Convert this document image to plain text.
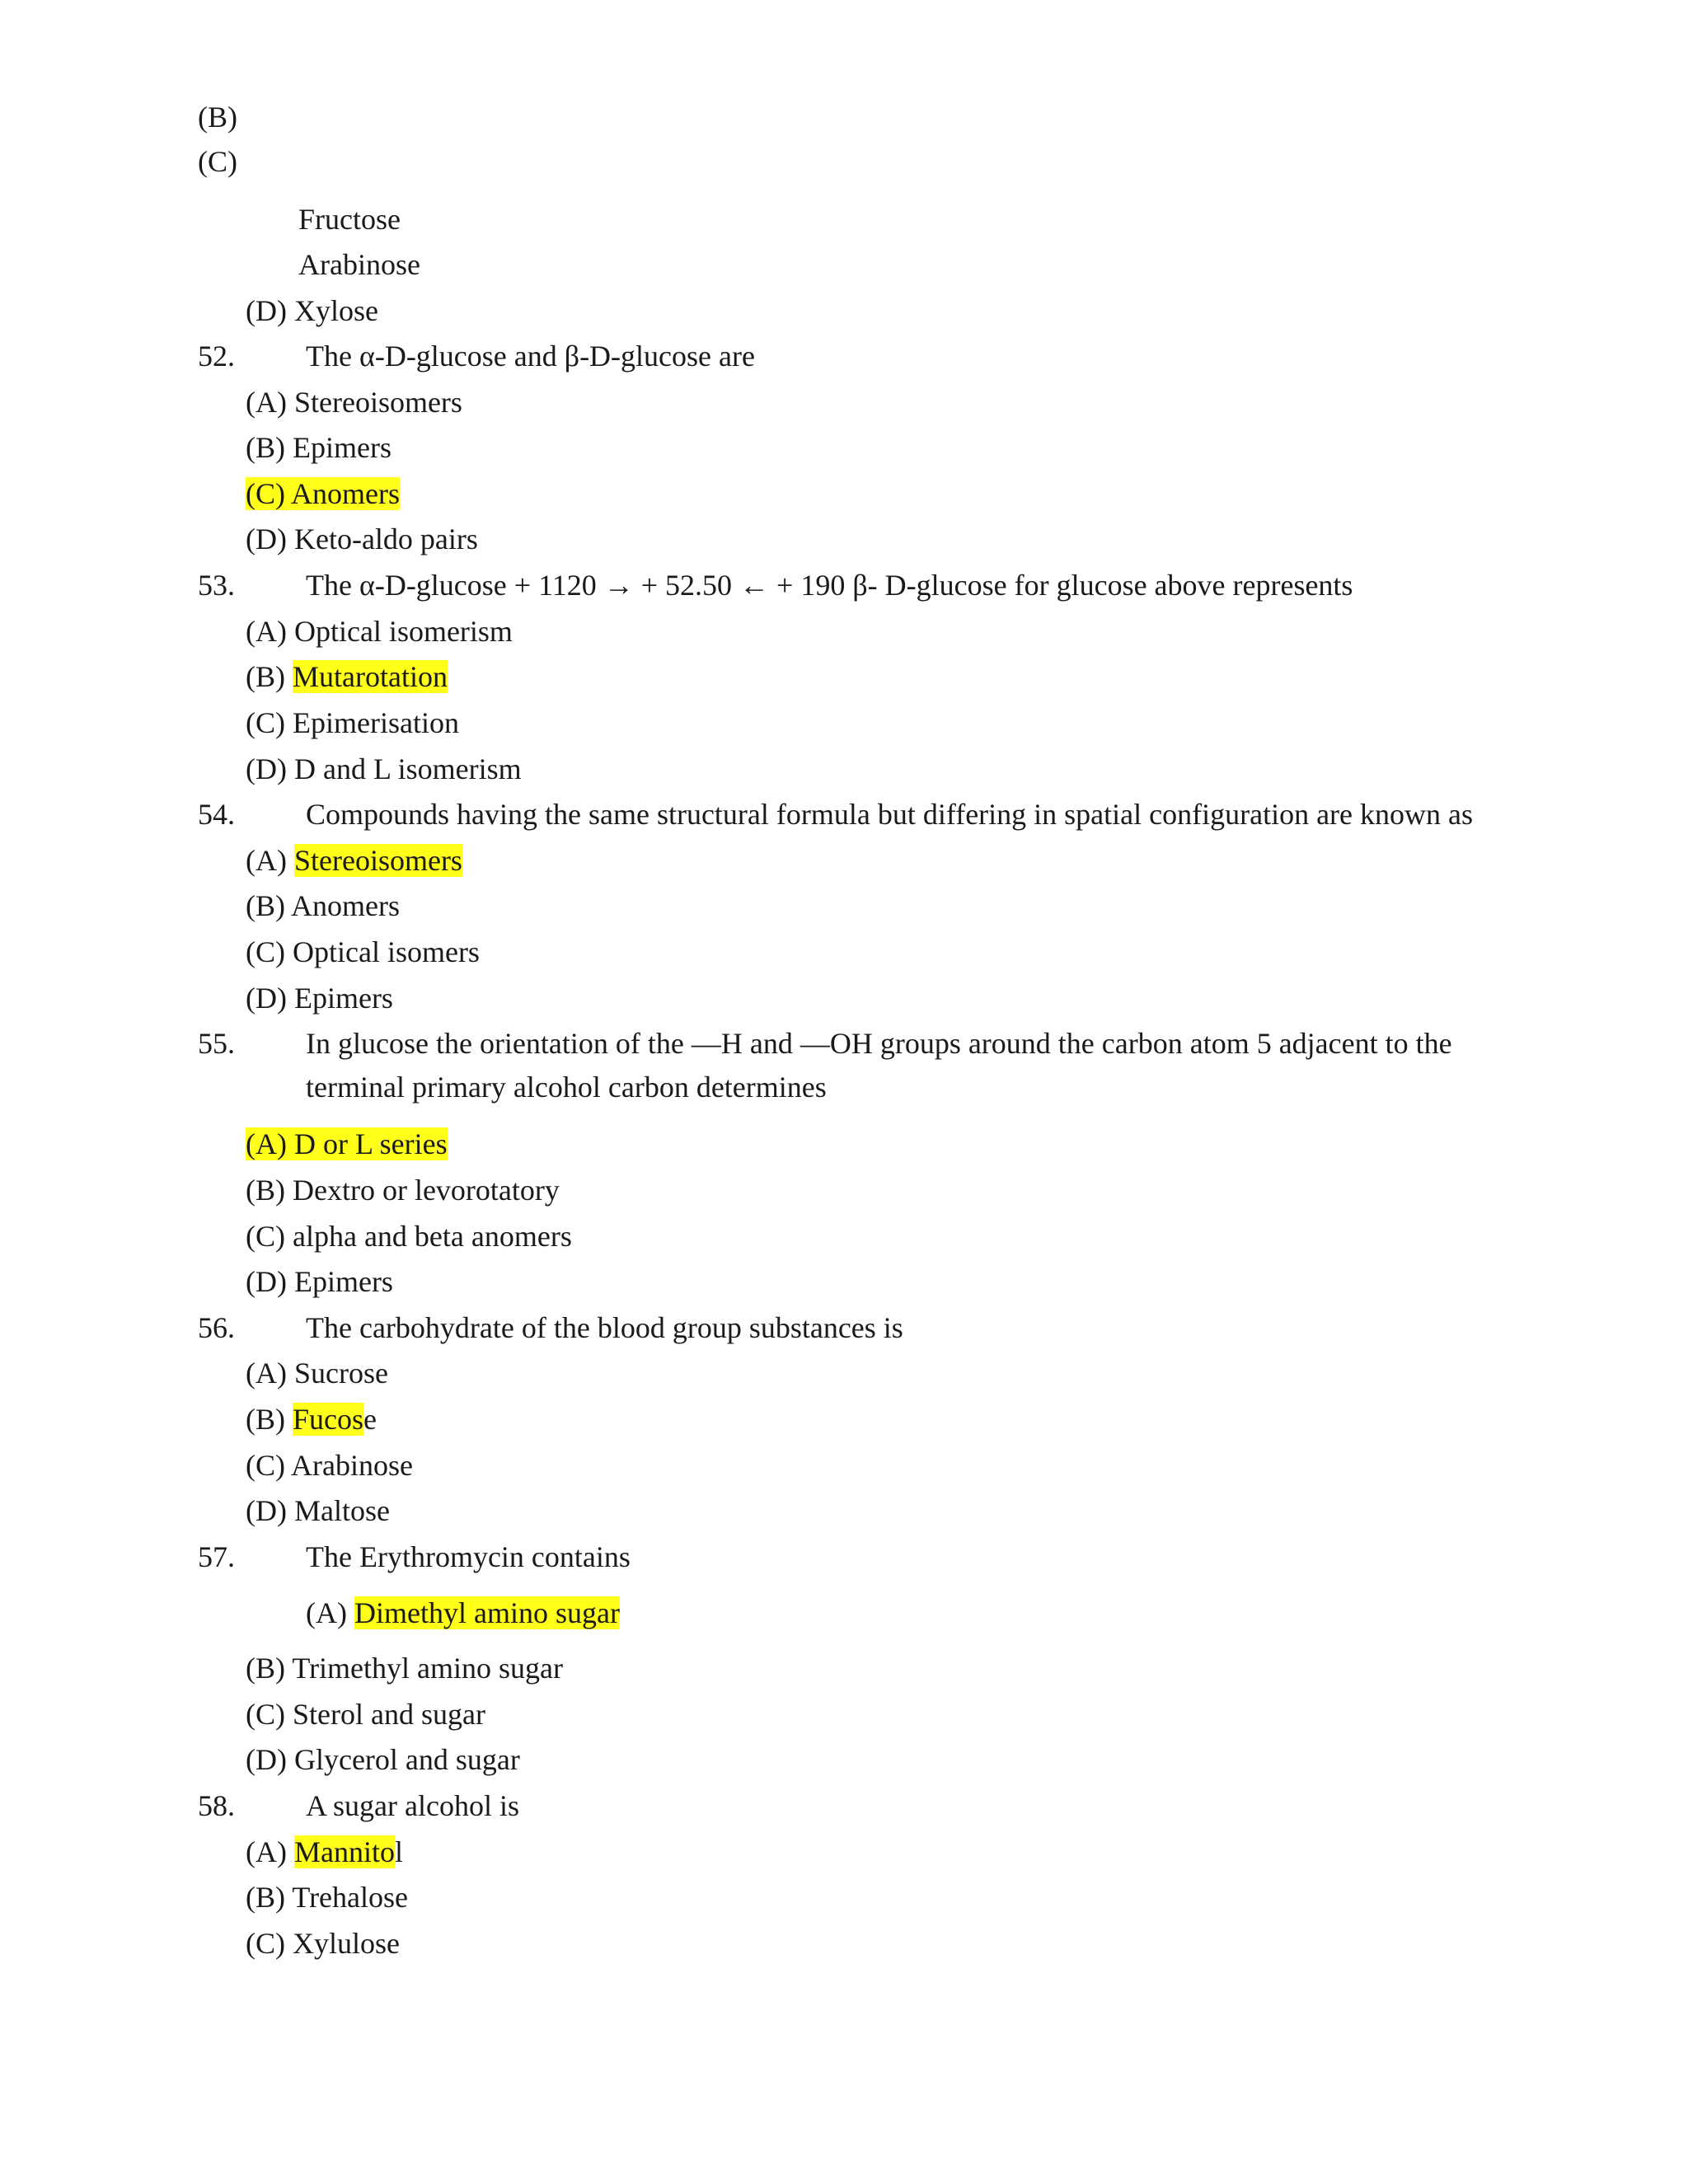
(B)
(C)
Fructose
Arabinose
(D) Xylose
52. The α-D-glucose and β-D-glucose are
(A) Stereoisomers
(B) Epimers
(C) Anomers
(D) Keto-aldo pairs
53. The α-D-glucose + 1120 → + 52.50 ← + 190 β- D-glucose for glucose above represents
(A) Optical isomerism
(B) Mutarotation
(C) Epimerisation
(D) D and L isomerism
54. Compounds having the same structural formula but differing in spatial configuration are known as
(A) Stereoisomers
(B) Anomers
(C) Optical isomers
(D) Epimers
55. In glucose the orientation of the —H and —OH groups around the carbon atom 5 adjacent to the
terminal primary alcohol carbon determines
(A) D or L series
(B) Dextro or levorotatory
(C) alpha and beta anomers
(D) Epimers
56. The carbohydrate of the blood group substances is
(A) Sucrose
(B) Fucose
(C) Arabinose
(D) Maltose
57. The Erythromycin contains
(A) Dimethyl amino sugar
(B) Trimethyl amino sugar
(C) Sterol and sugar
(D) Glycerol and sugar
58. A sugar alcohol is
(A) Mannitol
(B) Trehalose
(C) Xylulose
